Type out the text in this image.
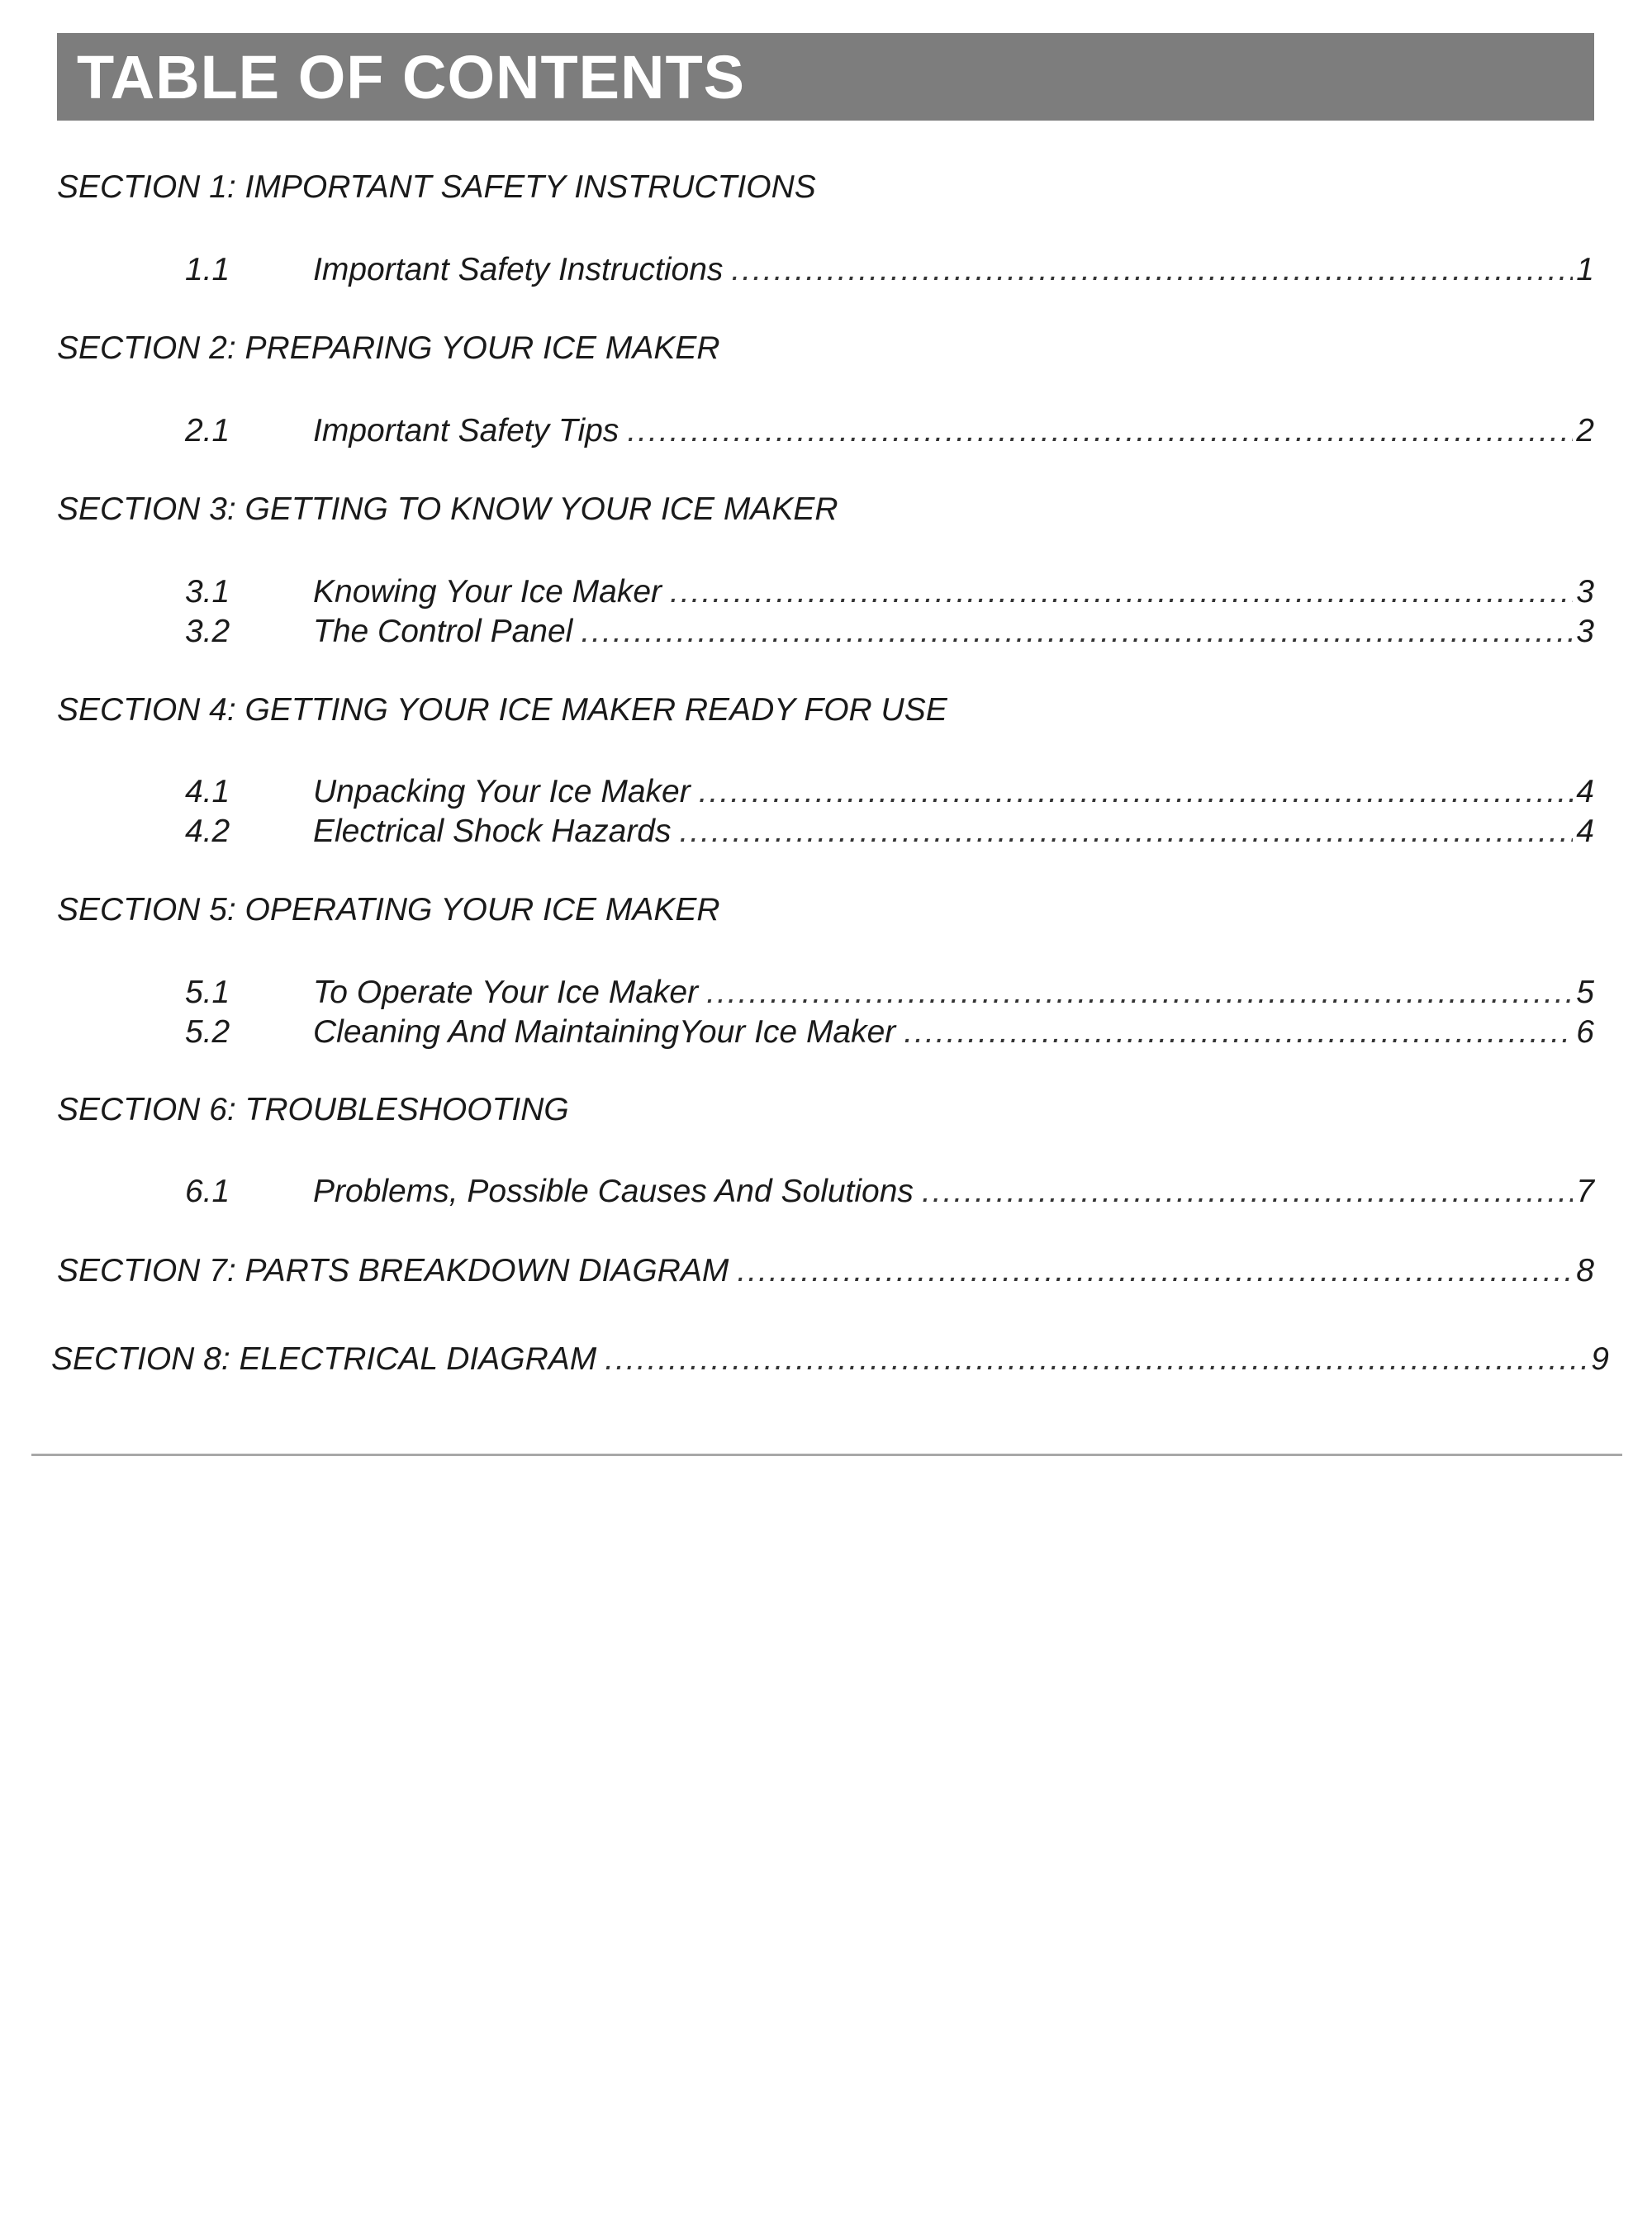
TABLE OF CONTENTS
SECTION 1: IMPORTANT SAFETY INSTRUCTIONS
1.1	Important Safety Instructions .....	1
SECTION 2: PREPARING YOUR ICE MAKER
2.1	Important Safety Tips .....	2
SECTION 3: GETTING TO KNOW YOUR ICE MAKER
3.1	Knowing Your Ice Maker .....	3
3.2	The Control Panel .....	3
SECTION 4: GETTING YOUR ICE MAKER READY FOR USE
4.1	Unpacking Your Ice Maker .....	4
4.2	Electrical Shock Hazards .....	4
SECTION 5: OPERATING YOUR ICE MAKER
5.1	To Operate Your Ice Maker .....	5
5.2	Cleaning And MaintainingYour Ice Maker .....	6
SECTION 6: TROUBLESHOOTING
6.1	Problems, Possible Causes And Solutions .....	7
SECTION 7: PARTS BREAKDOWN DIAGRAM .....	8
SECTION 8: ELECTRICAL DIAGRAM .....	9
